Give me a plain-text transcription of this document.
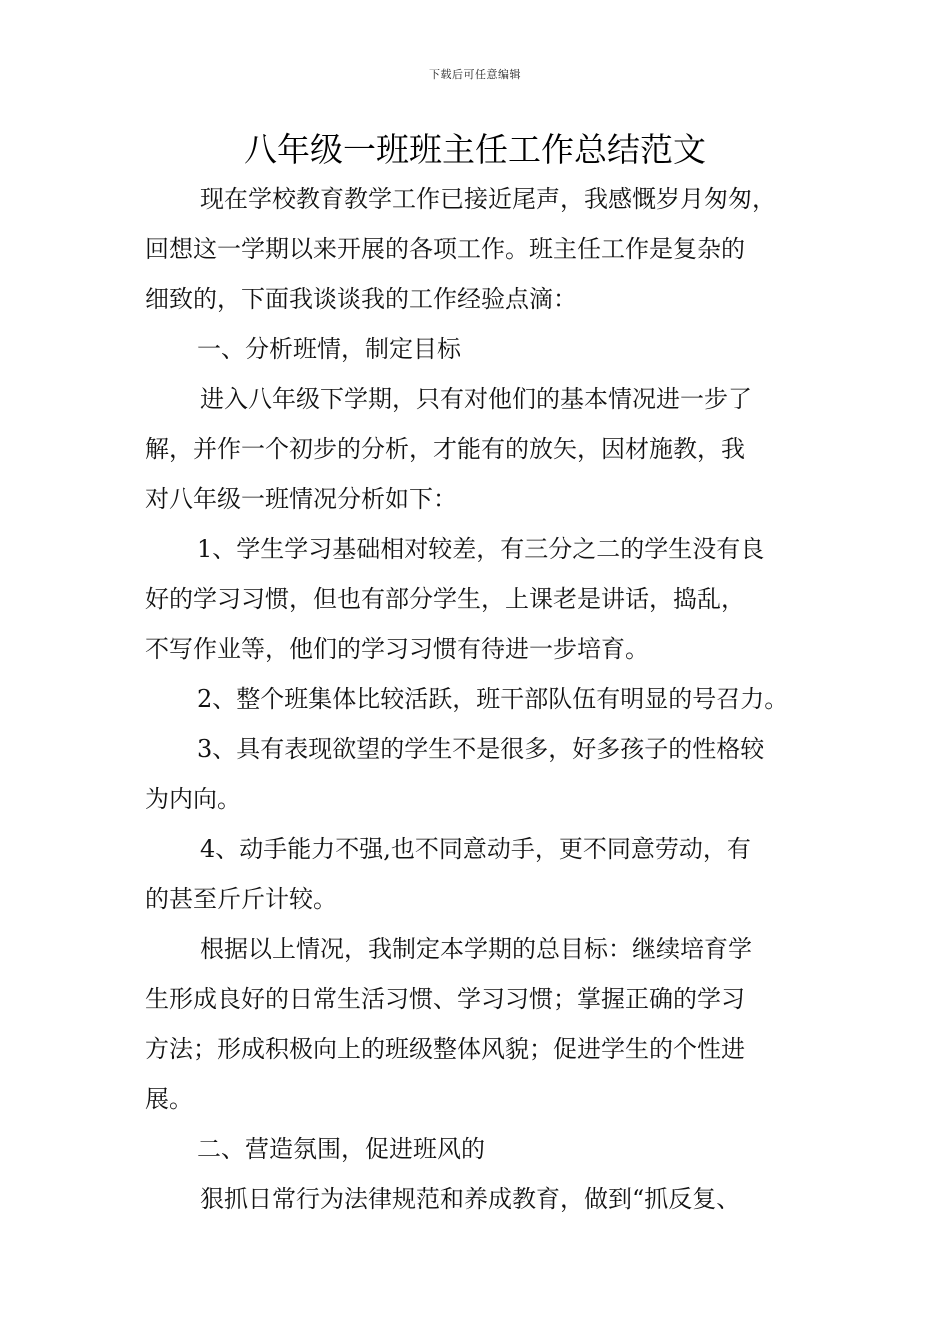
下载后可任意编辑
八年级一班班主任工作总结范文
现在学校教育教学工作已接近尾声，我感慨岁月匆匆，
回想这一学期以来开展的各项工作。班主任工作是复杂的
细致的，下面我谈谈我的工作经验点滴：
一、分析班情，制定目标
进入八年级下学期，只有对他们的基本情况进一步了
解，并作一个初步的分析，才能有的放矢，因材施教，我
对八年级一班情况分析如下：
1、学生学习基础相对较差，有三分之二的学生没有良
好的学习习惯，但也有部分学生，上课老是讲话，捣乱，
不写作业等，他们的学习习惯有待进一步培育。
2、整个班集体比较活跃，班干部队伍有明显的号召力。
3、具有表现欲望的学生不是很多，好多孩子的性格较
为内向。
4、动手能力不强,也不同意动手，更不同意劳动，有
的甚至斤斤计较。
根据以上情况，我制定本学期的总目标：继续培育学
生形成良好的日常生活习惯、学习习惯；掌握正确的学习
方法；形成积极向上的班级整体风貌；促进学生的个性进
展。
二、营造氛围，促进班风的
狠抓日常行为法律规范和养成教育，做到“抓反复、
